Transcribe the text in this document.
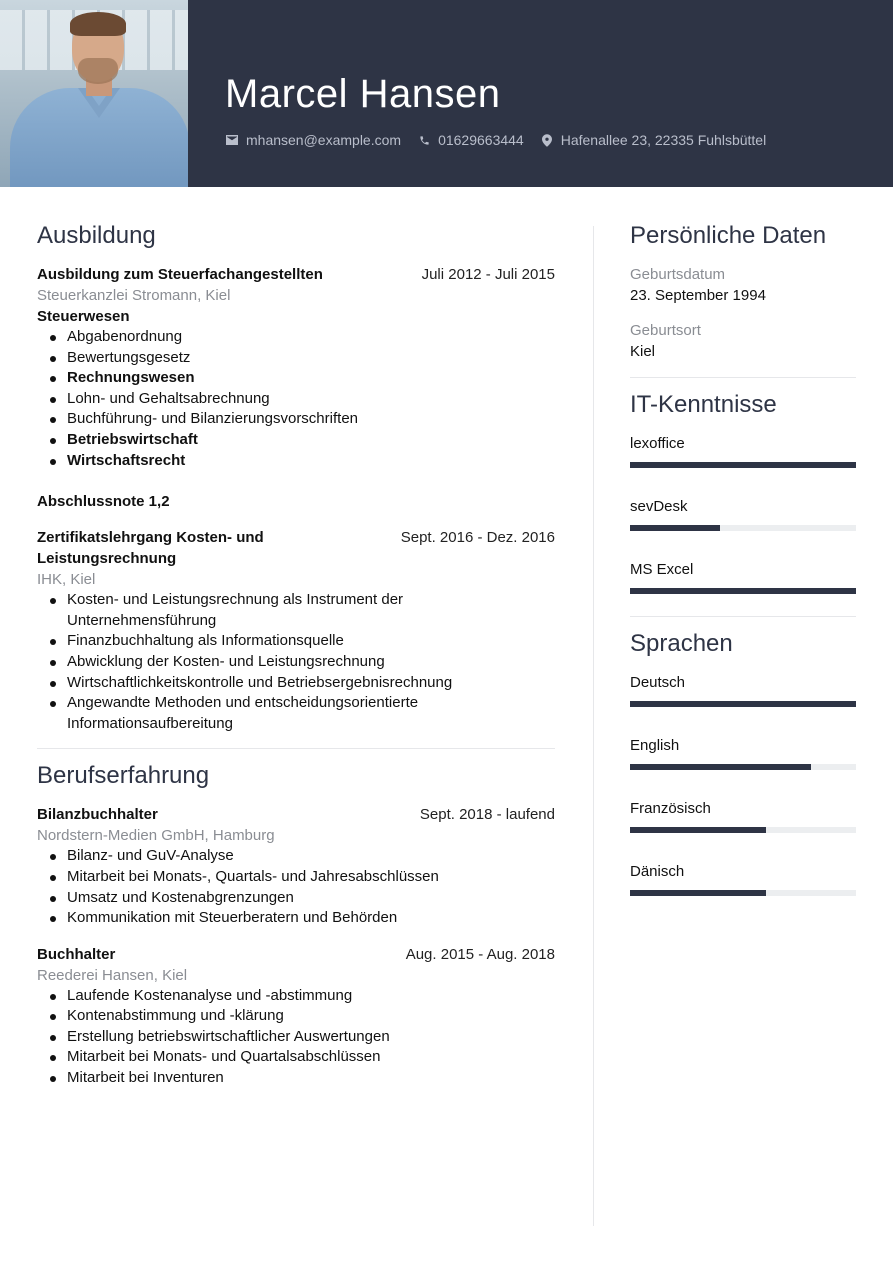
Marcel Hansen
mhansen@example.com	01629663444	Hafenallee 23, 22335 Fuhlsbüttel
Ausbildung
Ausbildung zum Steuerfachangestellten	Juli 2012 - Juli 2015
Steuerkanzlei Stromann, Kiel
Steuerwesen
Abgabenordnung
Bewertungsgesetz
Rechnungswesen
Lohn- und Gehaltsabrechnung
Buchführung- und Bilanzierungsvorschriften
Betriebswirtschaft
Wirtschaftsrecht
Abschlussnote 1,2
Zertifikatslehrgang Kosten- und Leistungsrechnung
Sept. 2016 - Dez. 2016
IHK, Kiel
Kosten- und Leistungsrechnung als Instrument der Unternehmensführung
Finanzbuchhaltung als Informationsquelle
Abwicklung der Kosten- und Leistungsrechnung
Wirtschaftlichkeitskontrolle und Betriebsergebnisrechnung
Angewandte Methoden und entscheidungsorientierte Informationsaufbereitung
Berufserfahrung
Bilanzbuchhalter	Sept. 2018 - laufend
Nordstern-Medien GmbH, Hamburg
Bilanz- und GuV-Analyse
Mitarbeit bei Monats-, Quartals- und Jahresabschlüssen
Umsatz und Kostenabgrenzungen
Kommunikation mit Steuerberatern und Behörden
Buchhalter	Aug. 2015 - Aug. 2018
Reederei Hansen, Kiel
Laufende Kostenanalyse und -abstimmung
Kontenabstimmung und -klärung
Erstellung betriebswirtschaftlicher Auswertungen
Mitarbeit bei Monats- und Quartalsabschlüssen
Mitarbeit bei Inventuren
Persönliche Daten
Geburtsdatum
23. September 1994
Geburtsort
Kiel
IT-Kenntnisse
lexoffice
sevDesk
MS Excel
Sprachen
Deutsch
English
Französisch
Dänisch
